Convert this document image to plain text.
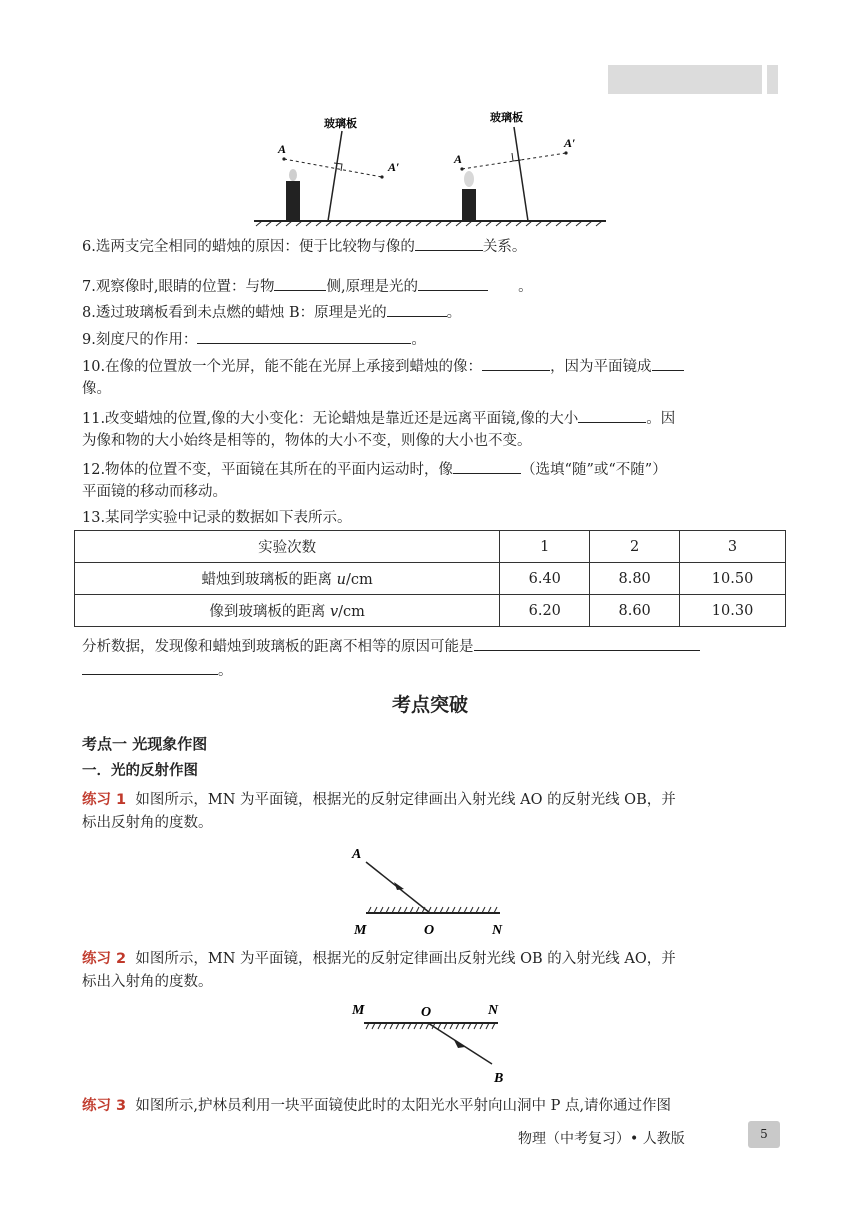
A
A′
玻璃板
A
A′
玻璃板
6.选两支完全相同的蜡烛的原因：便于比较物与像的	关系。
7.观察像时,眼睛的位置：与物	侧,原理是光的	。
8.透过玻璃板看到未点燃的蜡烛 B：原理是光的	。
9.刻度尺的作用：	。
10.在像的位置放一个光屏，能不能在光屏上承接到蜡烛的像：	，因为平面镜成
像。
11.改变蜡烛的位置,像的大小变化：无论蜡烛是靠近还是远离平面镜,像的大小	。因
为像和物的大小始终是相等的，物体的大小不变，则像的大小也不变。
12.物体的位置不变，平面镜在其所在的平面内运动时，像	（选填“随”或“不随”）
平面镜的移动而移动。
13.某同学实验中记录的数据如下表所示。
实验次数	1	2	3
蜡烛到玻璃板的距离 u/cm	6.40	8.80	10.50
像到玻璃板的距离 v/cm	6.20	8.60	10.30
分析数据，发现像和蜡烛到玻璃板的距离不相等的原因可能是
。
考点突破
考点一 光现象作图
一．光的反射作图
练习 1 如图所示，MN 为平面镜，根据光的反射定律画出入射光线 AO 的反射光线 OB，并
标出反射角的度数。
A
M	O	N
练习 2 如图所示，MN 为平面镜，根据光的反射定律画出反射光线 OB 的入射光线 AO，并
标出入射角的度数。
M	O	N
B
练习 3 如图所示,护林员利用一块平面镜使此时的太阳光水平射向山洞中 P 点,请你通过作图
物理（中考复习）• 人教版	5
